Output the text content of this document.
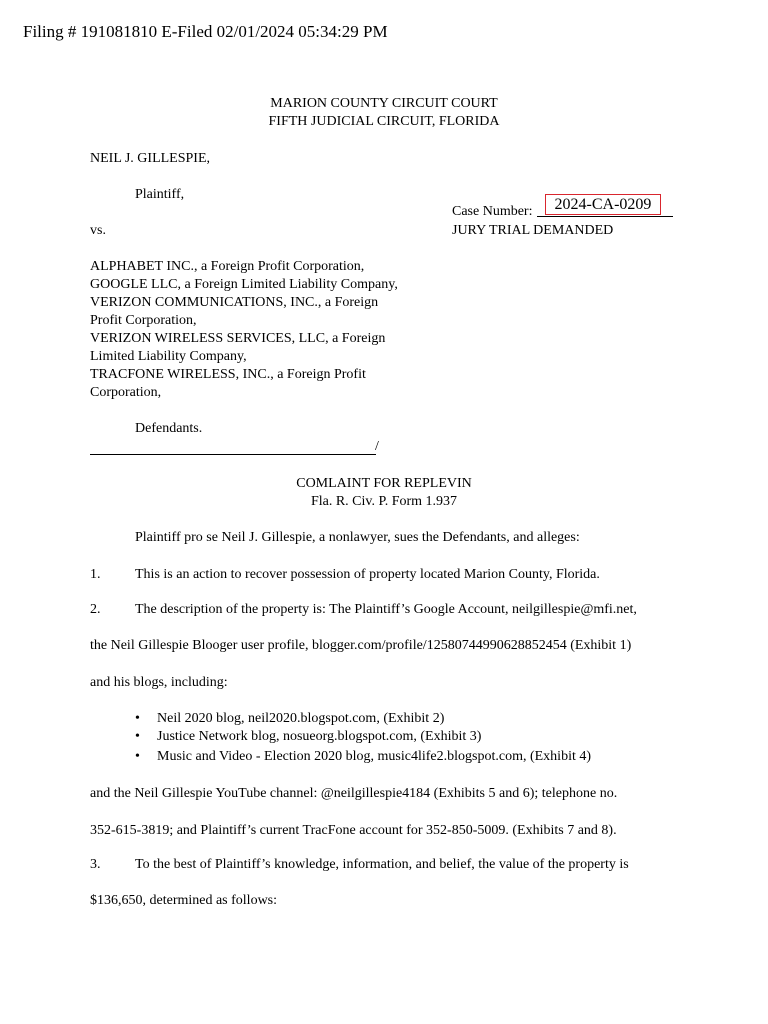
Filing # 191081810 E-Filed 02/01/2024 05:34:29 PM
MARION COUNTY CIRCUIT COURT
FIFTH JUDICIAL CIRCUIT, FLORIDA
NEIL J. GILLESPIE,
Plaintiff,
Case Number:	2024-CA-0209
vs.	JURY TRIAL DEMANDED
ALPHABET INC., a Foreign Profit Corporation,
GOOGLE LLC, a Foreign Limited Liability Company,
VERIZON COMMUNICATIONS, INC., a Foreign
Profit Corporation,
VERIZON WIRELESS SERVICES, LLC, a Foreign
Limited Liability Company,
TRACFONE WIRELESS, INC., a Foreign Profit
Corporation,
Defendants.
/
COMLAINT FOR REPLEVIN
Fla. R. Civ. P. Form 1.937
Plaintiff pro se Neil J. Gillespie, a nonlawyer, sues the Defendants, and alleges:
1. This is an action to recover possession of property located Marion County, Florida.
2. The description of the property is: The Plaintiff’s Google Account, neilgillespie@mfi.net,
the Neil Gillespie Blooger user profile, blogger.com/profile/12580744990628852454 (Exhibit 1)
and his blogs, including:
• Neil 2020 blog, neil2020.blogspot.com, (Exhibit 2)
• Justice Network blog, nosueorg.blogspot.com, (Exhibit 3)
• Music and Video - Election 2020 blog, music4life2.blogspot.com, (Exhibit 4)
and the Neil Gillespie YouTube channel: @neilgillespie4184 (Exhibits 5 and 6); telephone no.
352-615-3819; and Plaintiff’s current TracFone account for 352-850-5009. (Exhibits 7 and 8).
3. To the best of Plaintiff’s knowledge, information, and belief, the value of the property is
$136,650, determined as follows:
